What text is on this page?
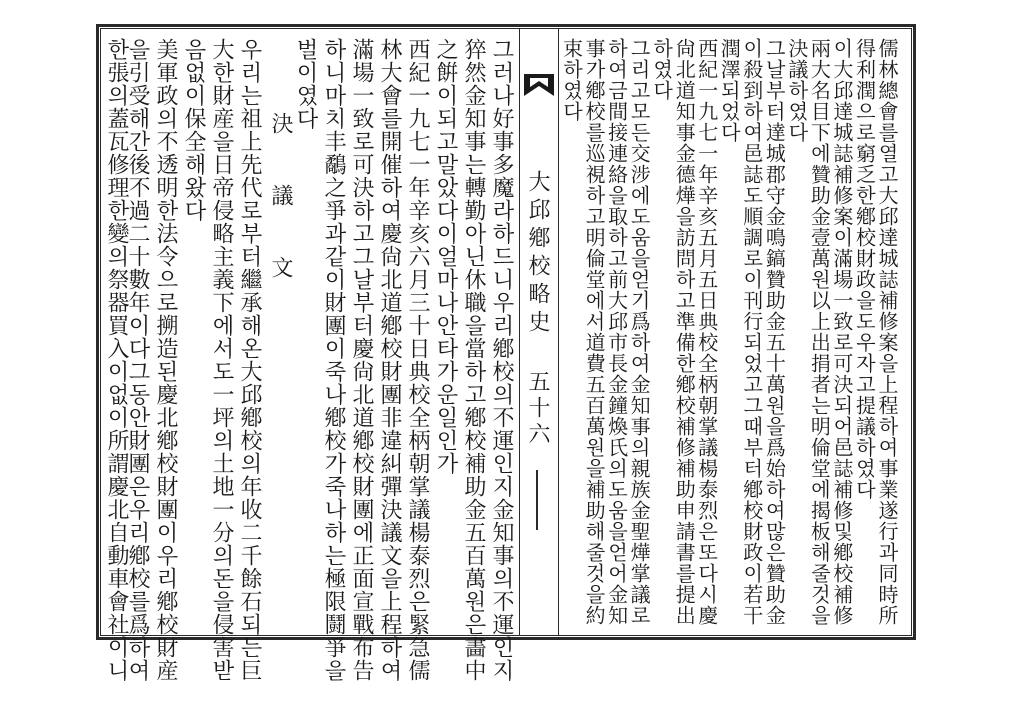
大邱鄕校略史
五十六	儒林總會를열고大邱達城誌補修案을上程하여事業遂行과同時所
得利潤으로窮乏한鄕校財政을도우자고提議하였다
이大邱達城誌補修案이滿場一致로可決되어邑誌補修및鄕校補修
兩大名目下에贊助金壹萬원以上出捐者는明倫堂에揭板해줄것을
決議하였다
그날부터達城郡守金鳴鎬贊助金五十萬원을爲始하여많은贊助金
이殺到하여邑誌도順調로이刊行되었고그때부터鄕校財政이若干
潤澤되었다
西紀一九七一年辛亥五月五日典校全柄朝掌議楊泰烈은또다시慶
尙北道知事金德燁을訪問하고準備한鄕校補修補助申請書를提出
하였다
그리고모든交涉에도움을얻기爲하여金知事의親族金聖燁掌議로
그러나好事多魔라하드니우리鄕校의不運인지金知事의不運인지
猝然金知事는轉勤아닌休職을當하고鄕校補助金五百萬원은畵中
之餠이되고말았다이얼마나안타가운일인가
西紀一九七一年辛亥六月三十日典校全柄朝掌議楊泰烈은緊急儒
林大會를開催하여慶尙北道鄕校財團非違糾彈決議文을上程하여
滿場一致로可決하고그날부터慶尙北道鄕校財團에正面宣戰布告
하니마치丰鷸之爭과같이財團이죽나鄕校가죽나하는極限鬪爭을
벌이였다
決　議　文
우리는祖上先代로부터繼承해온大邱鄕校의年收二千餘石되는巨
大한財産을日帝侵略主義下에서도一坪의土地一分의돈을侵害받
음없이保全해왔다
美軍政의不透明한法令으로搠造된慶北鄕校財團이우리鄕校財産
을引受해간後不過二十數年이다그동안財團은우리鄕校를爲하여
한張의蓋瓦修理한變의祭器買入이없이所謂慶北自動車會社이니	하여금間接連絡을取하고前大邱市長金鐘煥氏의도움을얻어金知
事가鄕校를巡視하고明倫堂에서道費五百萬원을補助해줄것을約
束하였다
